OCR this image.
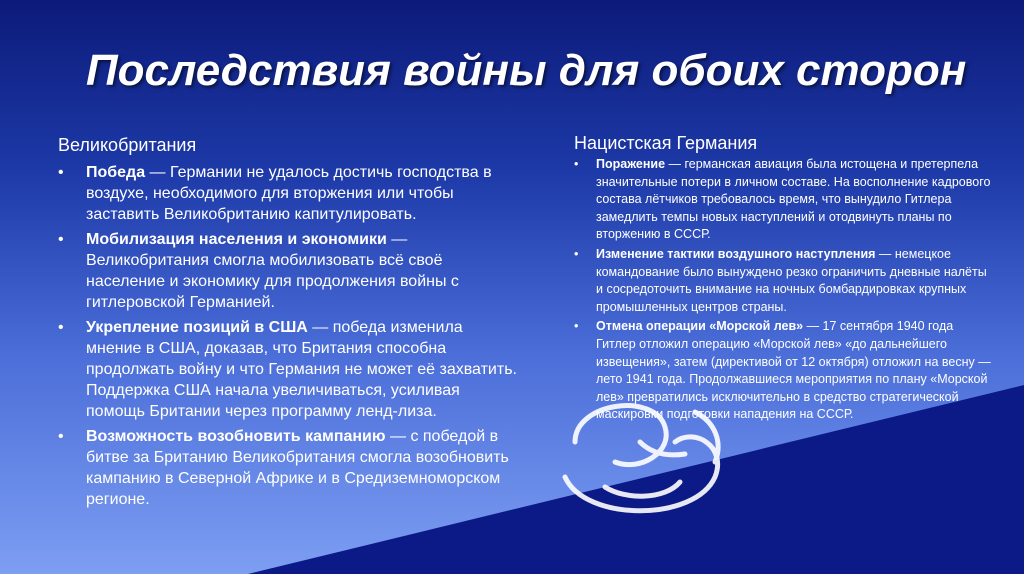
Последствия войны для обоих сторон
Великобритания
• Победа — Германии не удалось достичь господства в воздухе, необходимого для вторжения или чтобы заставить Великобританию капитулировать.
• Мобилизация населения и экономики — Великобритания смогла мобилизовать всё своё население и экономику для продолжения войны с гитлеровской Германией.
• Укрепление позиций в США — победа изменила мнение в США, доказав, что Британия способна продолжать войну и что Германия не может её захватить. Поддержка США начала увеличиваться, усиливая помощь Британии через программу ленд-лиза.
• Возможность возобновить кампанию — с победой в битве за Британию Великобритания смогла возобновить кампанию в Северной Африке и в Средиземноморском регионе.
Нацистская Германия
• Поражение — германская авиация была истощена и претерпела значительные потери в личном составе. На восполнение кадрового состава лётчиков требовалось время, что вынудило Гитлера замедлить темпы новых наступлений и отодвинуть планы по вторжению в СССР.
• Изменение тактики воздушного наступления — немецкое командование было вынуждено резко ограничить дневные налёты и сосредоточить внимание на ночных бомбардировках крупных промышленных центров страны.
• Отмена операции «Морской лев» — 17 сентября 1940 года Гитлер отложил операцию «Морской лев» «до дальнейшего извещения», затем (директивой от 12 октября) отложил на весну — лето 1941 года. Продолжавшиеся мероприятия по плану «Морской лев» превратились исключительно в средство стратегической маскировки подготовки нападения на СССР.
